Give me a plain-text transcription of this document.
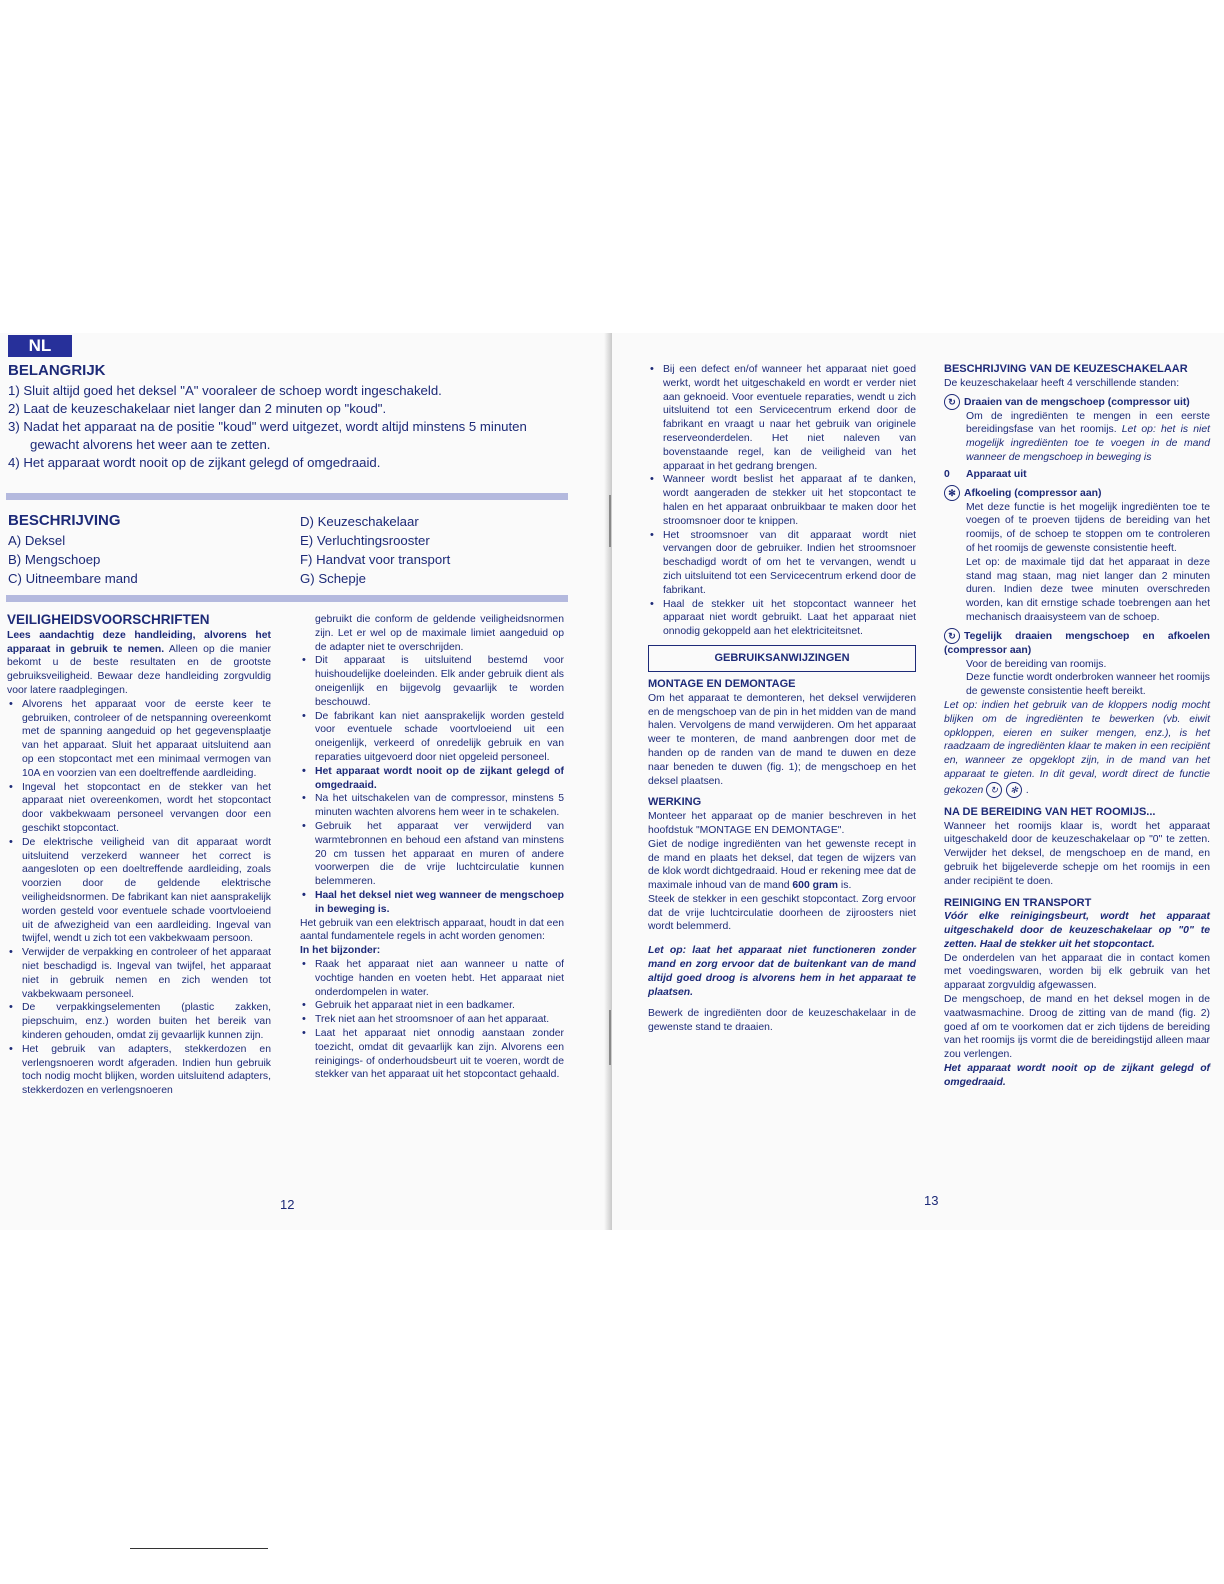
NL
BELANGRIJK
1) Sluit altijd goed het deksel "A" vooraleer de schoep wordt ingeschakeld.
2) Laat de keuzeschakelaar niet langer dan 2 minuten op "koud".
3) Nadat het apparaat na de positie "koud" werd uitgezet, wordt altijd minstens 5 minuten gewacht alvorens het weer aan te zetten.
4) Het apparaat wordt nooit op de zijkant gelegd of omgedraaid.
BESCHRIJVING
A) Deksel
B) Mengschoep
C) Uitneembare mand
D) Keuzeschakelaar
E) Verluchtingsrooster
F) Handvat voor transport
G) Schepje

VEILIGHEIDSVOORSCHRIFTEN

Lees aandachtig deze handleiding, alvorens het apparaat in gebruik te nemen. Alleen op die manier bekomt u de beste resultaten en de grootste gebruiksveiligheid. Bewaar deze handleiding zorgvuldig voor latere raadplegingen.

• Alvorens het apparaat voor de eerste keer te gebruiken, controleer of de netspanning overeenkomt met de spanning aangeduid op het gegevensplaatje van het apparaat. Sluit het apparaat uitsluitend aan op een stopcontact met een minimaal vermogen van 10A en voorzien van een doeltreffende aardleiding.
• Ingeval het stopcontact en de stekker van het apparaat niet overeenkomen, wordt het stopcontact door vakbekwaam personeel vervangen door een geschikt stopcontact.
• De elektrische veiligheid van dit apparaat wordt uitsluitend verzekerd wanneer het correct is aangesloten op een doeltreffende aardleiding, zoals voorzien door de geldende elektrische veiligheidsnormen. De fabrikant kan niet aansprakelijk worden gesteld voor eventuele schade voortvloeiend uit de afwezigheid van een aardleiding. Ingeval van twijfel, wendt u zich tot een vakbekwaam persoon.
• Verwijder de verpakking en controleer of het apparaat niet beschadigd is. Ingeval van twijfel, het apparaat niet in gebruik nemen en zich wenden tot vakbekwaam personeel.
• De verpakkingselementen (plastic zakken, piepschuim, enz.) worden buiten het bereik van kinderen gehouden, omdat zij gevaarlijk kunnen zijn.
• Het gebruik van adapters, stekkerdozen en verlengsnoeren wordt afgeraden. Indien hun gebruik toch nodig mocht blijken, worden uitsluitend adapters, stekkerdozen en verlengsnoeren

gebruikt die conform de geldende veiligheidsnormen zijn. Let er wel op de maximale limiet aangeduid op de adapter niet te overschrijden.

• Dit apparaat is uitsluitend bestemd voor huishoudelijke doeleinden. Elk ander gebruik dient als oneigenlijk en bijgevolg gevaarlijk te worden beschouwd.
• De fabrikant kan niet aansprakelijk worden gesteld voor eventuele schade voortvloeiend uit een oneigenlijk, verkeerd of onredelijk gebruik en van reparaties uitgevoerd door niet opgeleid personeel.
• Het apparaat wordt nooit op de zijkant gelegd of omgedraaid.
• Na het uitschakelen van de compressor, minstens 5 minuten wachten alvorens hem weer in te schakelen.
• Gebruik het apparaat ver verwijderd van warmtebronnen en behoud een afstand van minstens 20 cm tussen het apparaat en muren of andere voorwerpen die de vrije luchtcirculatie kunnen belemmeren.
• Haal het deksel niet weg wanneer de mengschoep in beweging is.

Het gebruik van een elektrisch apparaat, houdt in dat een aantal fundamentele regels in acht worden genomen:

In het bijzonder:

• Raak het apparaat niet aan wanneer u natte of vochtige handen en voeten hebt. Het apparaat niet onderdompelen in water.
• Gebruik het apparaat niet in een badkamer.
• Trek niet aan het stroomsnoer of aan het apparaat.
• Laat het apparaat niet onnodig aanstaan zonder toezicht, omdat dit gevaarlijk kan zijn. Alvorens een reinigings- of onderhoudsbeurt uit te voeren, wordt de stekker van het apparaat uit het stopcontact gehaald.
12
• Bij een defect en/of wanneer het apparaat niet goed werkt, wordt het uitgeschakeld en wordt er verder niet aan geknoeid. Voor eventuele reparaties, wendt u zich uitsluitend tot een Servicecentrum erkend door de fabrikant en vraagt u naar het gebruik van originele reserveonderdelen. Het niet naleven van bovenstaande regel, kan de veiligheid van het apparaat in het gedrang brengen.
• Wanneer wordt beslist het apparaat af te danken, wordt aangeraden de stekker uit het stopcontact te halen en het apparaat onbruikbaar te maken door het stroomsnoer door te knippen.
• Het stroomsnoer van dit apparaat wordt niet vervangen door de gebruiker. Indien het stroomsnoer beschadigd wordt of om het te vervangen, wendt u zich uitsluitend tot een Servicecentrum erkend door de fabrikant.
• Haal de stekker uit het stopcontact wanneer het apparaat niet wordt gebruikt. Laat het apparaat niet onnodig gekoppeld aan het elektriciteitsnet.
GEBRUIKSANWIJZINGEN

MONTAGE EN DEMONTAGE

Om het apparaat te demonteren, het deksel verwijderen en de mengschoep van de pin in het midden van de mand halen. Vervolgens de mand verwijderen. Om het apparaat weer te monteren, de mand aanbrengen door met de handen op de randen van de mand te duwen en deze naar beneden te duwen (fig. 1); de mengschoep en het deksel plaatsen.

WERKING

Monteer het apparaat op de manier beschreven in het hoofdstuk "MONTAGE EN DEMONTAGE".

Giet de nodige ingrediënten van het gewenste recept in de mand en plaats het deksel, dat tegen de wijzers van de klok wordt dichtgedraaid. Houd er rekening mee dat de maximale inhoud van de mand 600 gram is.

Steek de stekker in een geschikt stopcontact. Zorg ervoor dat de vrije luchtcirculatie doorheen de zijroosters niet wordt belemmerd.

Let op: laat het apparaat niet functioneren zonder mand en zorg ervoor dat de buitenkant van de mand altijd goed droog is alvorens hem in het apparaat te plaatsen.

Bewerk de ingrediënten door de keuzeschakelaar in de gewenste stand te draaien.

BESCHRIJVING VAN DE KEUZESCHAKELAAR

De keuzeschakelaar heeft 4 verschillende standen:

↻ Draaien van de mengschoep (compressor uit)

Om de ingrediënten te mengen in een eerste bereidingsfase van het roomijs. Let op: het is niet mogelijk ingrediënten toe te voegen in de mand wanneer de mengschoep in beweging is

0 Apparaat uit

✻ Afkoeling (compressor aan)

Met deze functie is het mogelijk ingrediënten toe te voegen of te proeven tijdens de bereiding van het roomijs, of de schoep te stoppen om te controleren of het roomijs de gewenste consistentie heeft.

Let op: de maximale tijd dat het apparaat in deze stand mag staan, mag niet langer dan 2 minuten duren. Indien deze twee minuten overschreden worden, kan dit ernstige schade toebrengen aan het mechanisch draaisysteem van de schoep.

↻ Tegelijk draaien mengschoep en afkoelen (compressor aan)

Voor de bereiding van roomijs.

Deze functie wordt onderbroken wanneer het roomijs de gewenste consistentie heeft bereikt.

Let op: indien het gebruik van de kloppers nodig mocht blijken om de ingrediënten te bewerken (vb. eiwit opkloppen, eieren en suiker mengen, enz.), is het raadzaam de ingrediënten klaar te maken in een recipiënt en, wanneer ze opgeklopt zijn, in de mand van het apparaat te gieten. In dit geval, wordt direct de functie gekozen ↻ ✻ .

NA DE BEREIDING VAN HET ROOMIJS...

Wanneer het roomijs klaar is, wordt het apparaat uitgeschakeld door de keuzeschakelaar op "0" te zetten. Verwijder het deksel, de mengschoep en de mand, en gebruik het bijgeleverde schepje om het roomijs in een ander recipiënt te doen.

REINIGING EN TRANSPORT

Vóór elke reinigingsbeurt, wordt het apparaat uitgeschakeld door de keuzeschakelaar op "0" te zetten. Haal de stekker uit het stopcontact.

De onderdelen van het apparaat die in contact komen met voedingswaren, worden bij elk gebruik van het apparaat zorgvuldig afgewassen.

De mengschoep, de mand en het deksel mogen in de vaatwasmachine. Droog de zitting van de mand (fig. 2) goed af om te voorkomen dat er zich tijdens de bereiding van het roomijs ijs vormt die de bereidingstijd alleen maar zou verlengen.

Het apparaat wordt nooit op de zijkant gelegd of omgedraaid.

13
